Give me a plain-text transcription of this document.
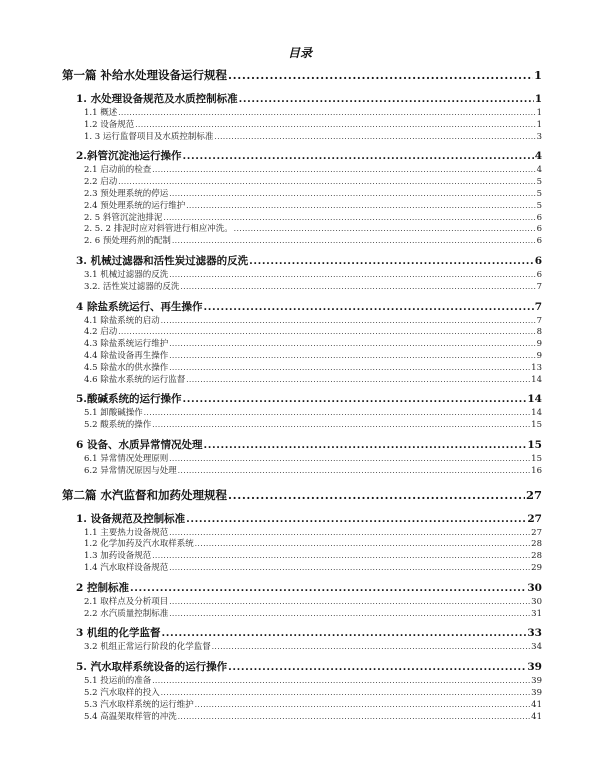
目录
第一篇 补给水处理设备运行规程 .....	1
1. 水处理设备规范及水质控制标准 .....	1
1.1 概述 .....	1
1.2 设备规范 .....	1
1. 3 运行监督项目及水质控制标准 .....	3
2.斜管沉淀池运行操作 .....	4
2.1 启动前的检查 .....	4
2.2 启动 .....	5
2.3 预处理系统的停运 .....	5
2.4 预处理系统的运行维护 .....	5
2. 5 斜管沉淀池排泥 .....	6
2. 5. 2 排泥时应对斜管进行相应冲洗。 .....	6
2. 6 预处理药剂的配制 .....	6
3. 机械过滤器和活性炭过滤器的反洗 .....	6
3.1 机械过滤器的反洗 .....	6
3.2. 活性炭过滤器的反洗 .....	7
4 除盐系统运行、再生操作 .....	7
4.1 除盐系统的启动 .....	7
4.2 启动 .....	8
4.3 除盐系统运行维护 .....	9
4.4 除盐设备再生操作 .....	9
4.5 除盐水的供水操作 .....	13
4.6 除盐水系统的运行监督 .....	14
5.酸碱系统的运行操作 .....	14
5.1 卸酸碱操作 .....	14
5.2 酸系统的操作 .....	15
6 设备、水质异常情况处理 .....	15
6.1 异常情况处理原则 .....	15
6.2 异常情况原因与处理 .....	16
第二篇 水汽监督和加药处理规程 .....	27
1. 设备规范及控制标准 .....	27
1.1 主要热力设备规范 .....	27
1.2 化学加药及汽水取样系统 .....	28
1.3 加药设备规范 .....	28
1.4 汽水取样设备规范 .....	29
2 控制标准 .....	30
2.1 取样点及分析项目 .....	30
2.2 水汽质量控制标准 .....	31
3 机组的化学监督 .....	33
3.2 机组正常运行阶段的化学监督 .....	34
5. 汽水取样系统设备的运行操作 .....	39
5.1 投运前的准备 .....	39
5.2 汽水取样的投入 .....	39
5.3 汽水取样系统的运行维护 .....	41
5.4 高温架取样管的冲洗 .....	41
